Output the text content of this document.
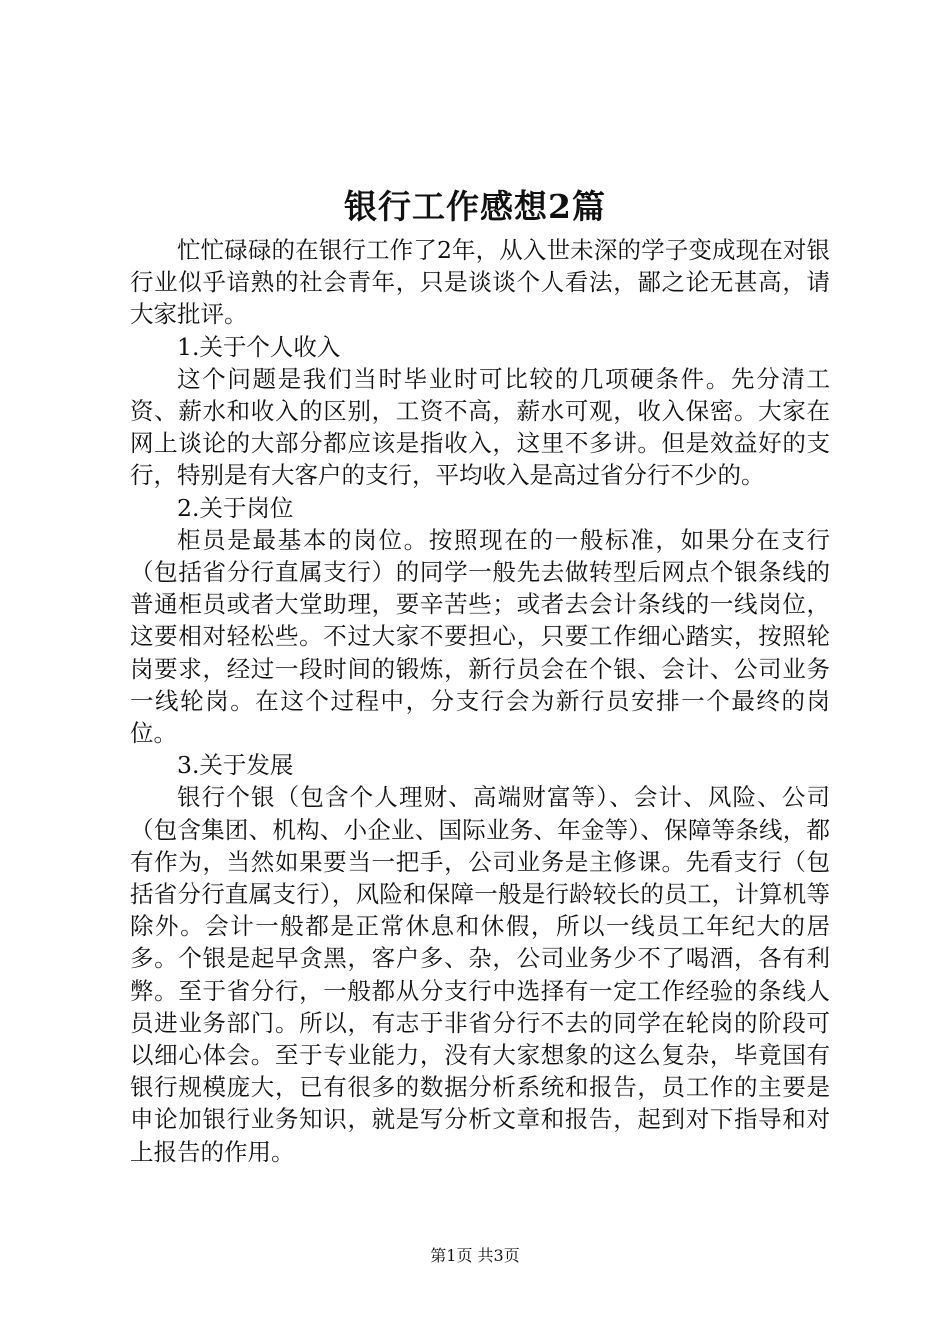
银行工作感想2篇

忙忙碌碌的在银行工作了2年，从入世未深的学子变成现在对银行业似乎谙熟的社会青年，只是谈谈个人看法，鄙之论无甚高，请大家批评。

1.关于个人收入

这个问题是我们当时毕业时可比较的几项硬条件。先分清工资、薪水和收入的区别，工资不高，薪水可观，收入保密。大家在网上谈论的大部分都应该是指收入，这里不多讲。但是效益好的支行，特别是有大客户的支行，平均收入是高过省分行不少的。

2.关于岗位

柜员是最基本的岗位。按照现在的一般标准，如果分在支行（包括省分行直属支行）的同学一般先去做转型后网点个银条线的普通柜员或者大堂助理，要辛苦些；或者去会计条线的一线岗位，这要相对轻松些。不过大家不要担心，只要工作细心踏实，按照轮岗要求，经过一段时间的锻炼，新行员会在个银、会计、公司业务一线轮岗。在这个过程中，分支行会为新行员安排一个最终的岗位。

3.关于发展

银行个银（包含个人理财、高端财富等）、会计、风险、公司（包含集团、机构、小企业、国际业务、年金等）、保障等条线，都有作为，当然如果要当一把手，公司业务是主修课。先看支行（包括省分行直属支行），风险和保障一般是行龄较长的员工，计算机等除外。会计一般都是正常休息和休假，所以一线员工年纪大的居多。个银是起早贪黑，客户多、杂，公司业务少不了喝酒，各有利弊。至于省分行，一般都从分支行中选择有一定工作经验的条线人员进业务部门。所以，有志于非省分行不去的同学在轮岗的阶段可以细心体会。至于专业能力，没有大家想象的这么复杂，毕竟国有银行规模庞大，已有很多的数据分析系统和报告，员工作的主要是申论加银行业务知识，就是写分析文章和报告，起到对下指导和对上报告的作用。

第1页 共3页
